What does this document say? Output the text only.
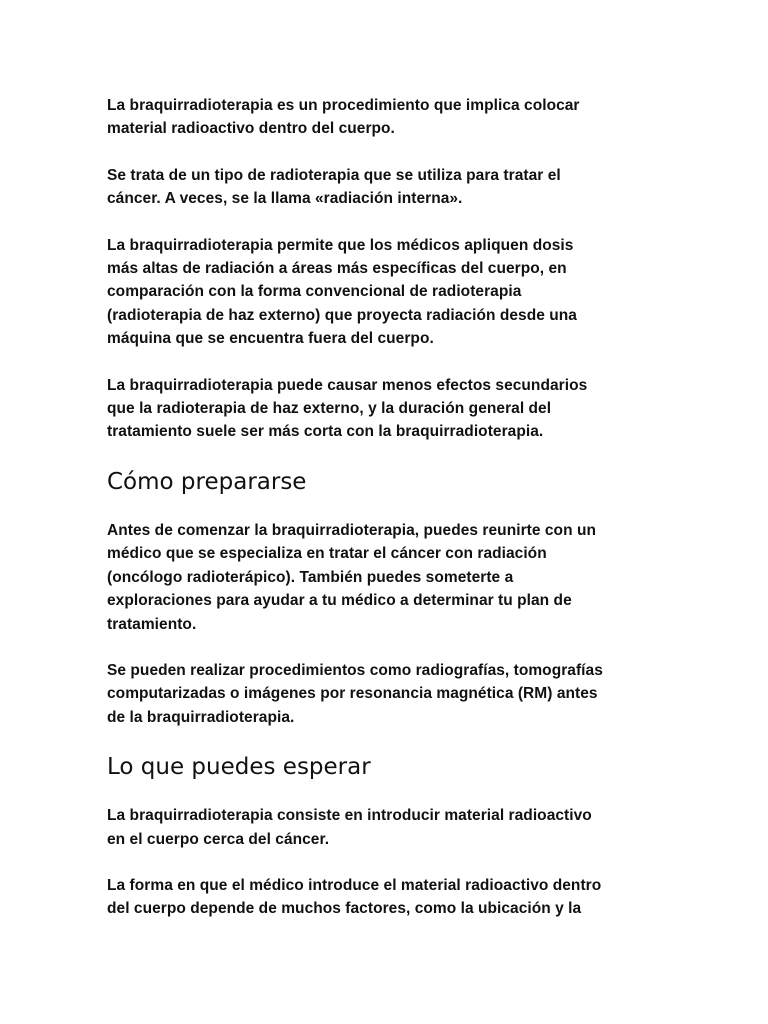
La braquirradioterapia es un procedimiento que implica colocar
material radioactivo dentro del cuerpo.

Se trata de un tipo de radioterapia que se utiliza para tratar el
cáncer. A veces, se la llama «radiación interna».

La braquirradioterapia permite que los médicos apliquen dosis
más altas de radiación a áreas más específicas del cuerpo, en
comparación con la forma convencional de radioterapia
(radioterapia de haz externo) que proyecta radiación desde una
máquina que se encuentra fuera del cuerpo.

La braquirradioterapia puede causar menos efectos secundarios
que la radioterapia de haz externo, y la duración general del
tratamiento suele ser más corta con la braquirradioterapia.

Cómo prepararse

Antes de comenzar la braquirradioterapia, puedes reunirte con un
médico que se especializa en tratar el cáncer con radiación
(oncólogo radioterápico). También puedes someterte a
exploraciones para ayudar a tu médico a determinar tu plan de
tratamiento.

Se pueden realizar procedimientos como radiografías, tomografías
computarizadas o imágenes por resonancia magnética (RM) antes
de la braquirradioterapia.

Lo que puedes esperar

La braquirradioterapia consiste en introducir material radioactivo
en el cuerpo cerca del cáncer.

La forma en que el médico introduce el material radioactivo dentro
del cuerpo depende de muchos factores, como la ubicación y la
